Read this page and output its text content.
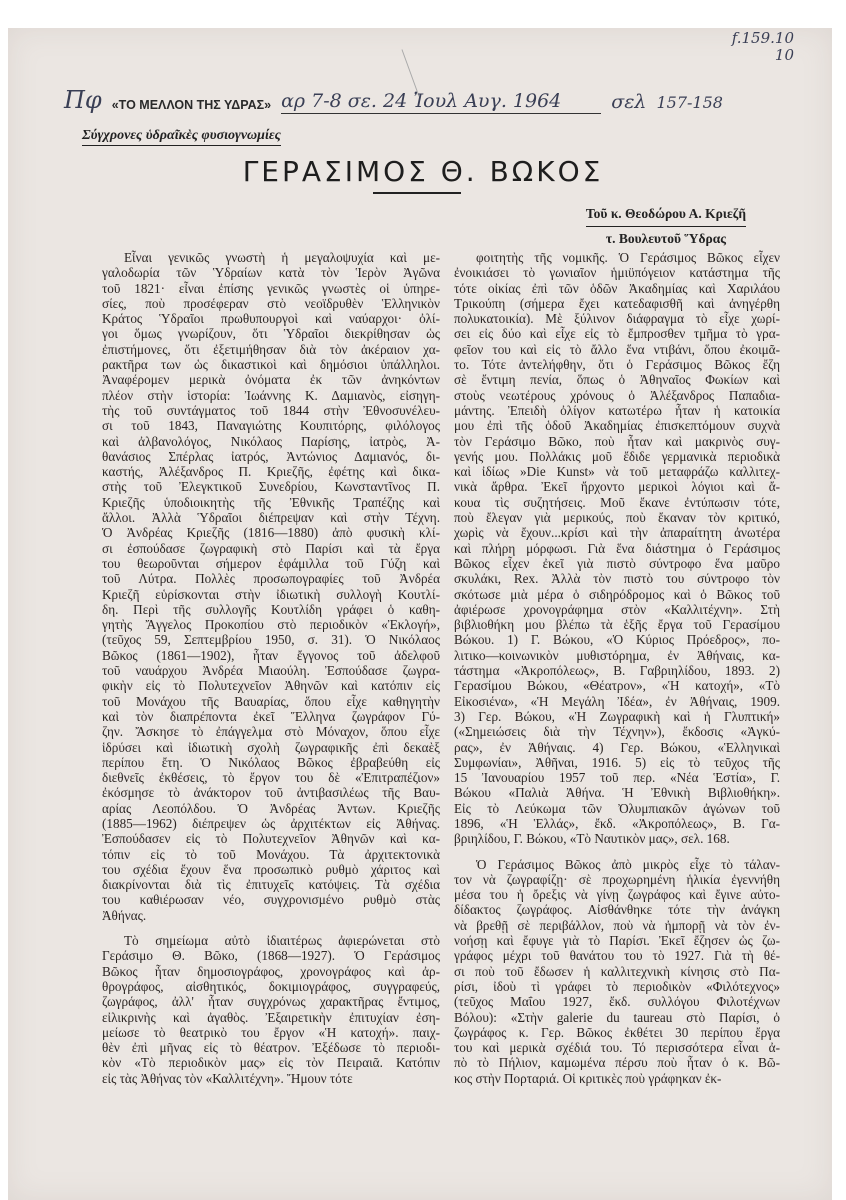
f.159.10
10
Πφ «ΤΟ ΜΕΛΛΟΝ ΤΗΣ ΥΔΡΑΣ» αρ 7-8 σε. 24 Ἰουλ Αυγ. 1964	σελ 157-158
Σύγχρονες ὑδραῖκὲς φυσιογνωμίες
ΓΕΡΑΣΙΜΟΣ Θ. ΒΩΚΟΣ
Τοῦ κ. Θεοδώρου Α. Κριεζῆ
τ. Βουλευτοῦ Ὕδρας
Εἶναι γενικῶς γνωστὴ ἡ μεγαλοψυχία καὶ με-
γαλοδωρία τῶν Ὑδραίων κατὰ τὸν Ἱερὸν Ἀγῶνα
τοῦ 1821· εἶναι ἐπίσης γενικῶς γνωστὲς οἱ ὑπηρε-
σίες, ποὺ προσέφεραν στὸ νεοϊδρυθὲν Ἑλληνικὸν
Κράτος Ὑδραῖοι πρωθυπουργοὶ καὶ ναύαρχοι· ὀλί-
γοι ὅμως γνωρίζουν, ὅτι Ὑδραῖοι διεκρίθησαν ὡς
ἐπιστήμονες, ὅτι ἐξετιμήθησαν διὰ τὸν ἀκέραιον χα-
ρακτῆρα των ὡς δικαστικοὶ καὶ δημόσιοι ὑπάλληλοι.
Ἀναφέρομεν μερικὰ ὀνόματα ἐκ τῶν ἀνηκόντων
πλέον στὴν ἱστορία: Ἰωάννης Κ. Δαμιανὸς, εἰσηγη-
τὴς τοῦ συντάγματος τοῦ 1844 στὴν Ἐθνοσυνέλευ-
σι τοῦ 1843, Παναγιώτης Κουπιτόρης, φιλόλογος
καὶ ἀλβανολόγος, Νικόλαος Παρίσης, ἰατρὸς, Ἀ-
θανάσιος Σπέρλας ἰατρός, Ἀντώνιος Δαμιανός, δι-
καστής, Ἀλέξανδρος Π. Κριεζῆς, ἐφέτης καὶ δικα-
στὴς τοῦ Ἐλεγκτικοῦ Συνεδρίου, Κωνσταντῖνος Π.
Κριεζῆς ὑποδιοικητὴς τῆς Ἐθνικῆς Τραπέζης καὶ
ἄλλοι. Ἀλλὰ Ὑδραῖοι διέπρεψαν καὶ στὴν Τέχνη.
Ὁ Ἀνδρέας Κριεζῆς (1816—1880) ἀπὸ φυσικὴ κλί-
σι ἐσπούδασε ζωγραφικὴ στὸ Παρίσι καὶ τὰ ἔργα
του θεωροῦνται σήμερον ἐφάμιλλα τοῦ Γύζη καὶ
τοῦ Λύτρα. Πολλὲς προσωπογραφίες τοῦ Ἀνδρέα
Κριεζῆ εὑρίσκονται στὴν ἰδιωτικὴ συλλογὴ Κουτλί-
δη. Περὶ τῆς συλλογῆς Κουτλίδη γράφει ὁ καθη-
γητὴς Ἄγγελος Προκοπίου στὸ περιοδικὸν «Ἐκλογή»,
(τεῦχος 59, Σεπτεμβρίου 1950, σ. 31). Ὁ Νικόλαος
Βῶκος (1861—1902), ἦταν ἔγγονος τοῦ ἀδελφοῦ
τοῦ ναυάρχου Ἀνδρέα Μιαούλη. Ἐσπούδασε ζωγρα-
φικὴν εἰς τὸ Πολυτεχνεῖον Ἀθηνῶν καὶ κατόπιν εἰς
τοῦ Μονάχου τῆς Βαυαρίας, ὅπου εἶχε καθηγητὴν
καὶ τὸν διαπρέποντα ἐκεῖ Ἕλληνα ζωγράφον Γύ-
ζην. Ἄσκησε τὸ ἐπάγγελμα στὸ Μόναχον, ὅπου εἶχε
ἱδρύσει καὶ ἰδιωτικὴ σχολὴ ζωγραφικῆς ἐπὶ δεκαὲξ
περίπου ἔτη. Ὁ Νικόλαος Βῶκος ἐβραβεύθη εἰς
διεθνεῖς ἐκθέσεις, τὸ ἔργον του δὲ «Ἐπιτραπέζιον»
ἐκόσμησε τὸ ἀνάκτορον τοῦ ἀντιβασιλέως τῆς Βαυ-
αρίας Λεοπόλδου. Ὁ Ἀνδρέας Ἀντων. Κριεζῆς
(1885—1962) διέπρεψεν ὡς ἀρχιτέκτων εἰς Ἀθήνας.
Ἐσπούδασεν εἰς τὸ Πολυτεχνεῖον Ἀθηνῶν καὶ κα-
τόπιν εἰς τὸ τοῦ Μονάχου. Τὰ ἀρχιτεκτονικὰ
του σχέδια ἔχουν ἕνα προσωπικὸ ρυθμὸ χάριτος καὶ
διακρίνονται διὰ τὶς ἐπιτυχεῖς κατόψεις. Τὰ σχέδια
του καθιέρωσαν νέο, συγχρονισμένο ρυθμὸ στὰς
Ἀθήνας.
Τὸ σημείωμα αὐτὸ ἰδιαιτέρως ἀφιερώνεται στὸ
Γεράσιμο Θ. Βῶκο, (1868—1927). Ὁ Γεράσιμος
Βῶκος ἦταν δημοσιογράφος, χρονογράφος καὶ ἀρ-
θρογράφος, αἰσθητικός, δοκιμιογράφος, συγγραφεύς,
ζωγράφος, ἀλλ' ἦταν συγχρόνως χαρακτῆρας ἔντιμος,
εἰλικρινὴς καὶ ἀγαθὸς. Ἐξαιρετικὴν ἐπιτυχίαν ἐση-
μείωσε τὸ θεατρικὸ του ἔργον «Ἡ κατοχή». παιχ-
θὲν ἐπὶ μῆνας εἰς τὸ θέατρον. Ἐξέδωσε τὸ περιοδι-
κὸν «Τὸ περιοδικὸν μας» εἰς τὸν Πειραιᾶ. Κατόπιν
εἰς τὰς Ἀθήνας τὸν «Καλλιτέχνη». Ἤμουν τότε
φοιτητὴς τῆς νομικῆς. Ὁ Γεράσιμος Βῶκος εἶχεν
ἐνοικιάσει τὸ γωνιαῖον ἡμιϋπόγειον κατάστημα τῆς
τότε οἰκίας ἐπὶ τῶν ὁδῶν Ἀκαδημίας καὶ Χαριλάου
Τρικούπη (σήμερα ἔχει κατεδαφισθῆ καὶ ἀνηγέρθη
πολυκατοικία). Μὲ ξύλινον διάφραγμα τὸ εἶχε χωρί-
σει εἰς δύο καὶ εἶχε εἰς τὸ ἔμπροσθεν τμῆμα τὸ γρα-
φεῖον του καὶ εἰς τὸ ἄλλο ἕνα ντιβάνι, ὅπου ἐκοιμᾶ-
το. Τότε ἀντελήφθην, ὅτι ὁ Γεράσιμος Βῶκος ἔζη
σὲ ἔντιμη πενία, ὅπως ὁ Ἀθηναῖος Φωκίων καὶ
στοὺς νεωτέρους χρόνους ὁ Ἀλέξανδρος Παπαδια-
μάντης. Ἐπειδὴ ὀλίγον κατωτέρω ἦταν ἡ κατοικία
μου ἐπὶ τῆς ὁδοῦ Ἀκαδημίας ἐπισκεπτόμουν συχνὰ
τὸν Γεράσιμο Βῶκο, ποὺ ἦταν καὶ μακρινὸς συγ-
γενής μου. Πολλάκις μοῦ ἔδιδε γερμανικὰ περιοδικὰ
καὶ ἰδίως »Die Kunst» νὰ τοῦ μεταφράζω καλλιτεχ-
νικὰ ἄρθρα. Ἐκεῖ ἤρχοντο μερικοὶ λόγιοι καὶ ἄ-
κουα τὶς συζητήσεις. Μοῦ ἔκανε ἐντύπωσιν τότε,
ποὺ ἔλεγαν γιὰ μερικούς, ποὺ ἔκαναν τὸν κριτικό,
χωρὶς νὰ ἔχουν...κρίσι καὶ τὴν ἀπαραίτητη ἀνωτέρα
καὶ πλήρη μόρφωσι. Γιὰ ἕνα διάστημα ὁ Γεράσιμος
Βῶκος εἶχεν ἐκεῖ γιὰ πιστὸ σύντροφο ἕνα μαῦρο
σκυλάκι, Rex. Ἀλλὰ τὸν πιστὸ του σύντροφο τὸν
σκότωσε μιὰ μέρα ὁ σιδηρόδρομος καὶ ὁ Βῶκος τοῦ
ἀφιέρωσε χρονογράφημα στὸν «Καλλιτέχνη». Στὴ
βιβλιοθήκη μου βλέπω τὰ ἑξῆς ἔργα τοῦ Γερασίμου
Βώκου. 1) Γ. Βώκου, «Ὁ Κύριος Πρόεδρος», πο-
λιτικο—κοινωνικὸν μυθιστόρημα, ἐν Ἀθήναις, κα-
τάστημα «Ἀκροπόλεως», Β. Γαβριηλίδου, 1893. 2)
Γερασίμου Βώκου, «Θέατρον», «Ἡ κατοχή», «Τὸ
Εἰκοσιένα», «Ἡ Μεγάλη Ἰδέα», ἐν Ἀθήναις, 1909.
3) Γερ. Βώκου, «Ἡ Ζωγραφικὴ καὶ ἡ Γλυπτική»
(«Σημειώσεις διὰ τὴν Τέχνην»), ἔκδοσις «Ἀγκύ-
ρας», ἐν Ἀθήναις. 4) Γερ. Βώκου, «Ἑλληνικαὶ
Συμφωνίαι», Ἀθῆναι, 1916. 5) εἰς τὸ τεῦχος τῆς
15 Ἰανουαρίου 1957 τοῦ περ. «Νέα Ἑστία», Γ.
Βώκου «Παλιὰ Ἀθήνα. Ἡ Ἐθνικὴ Βιβλιοθήκη».
Εἰς τὸ Λεύκωμα τῶν Ὀλυμπιακῶν ἀγώνων τοῦ
1896, «Ἡ Ἑλλάς», ἔκδ. «Ἀκροπόλεως», Β. Γα-
βριηλίδου, Γ. Βώκου, «Τὸ Ναυτικὸν μας», σελ. 168.
Ὁ Γεράσιμος Βῶκος ἀπὸ μικρὸς εἶχε τὸ τάλαν-
τον νὰ ζωγραφίζῃ· σὲ προχωρημένη ἡλικία ἐγεννήθη
μέσα του ἡ ὄρεξις νὰ γίνῃ ζωγράφος καὶ ἔγινε αὐτο-
δίδακτος ζωγράφος. Αἰσθάνθηκε τότε τὴν ἀνάγκη
νὰ βρεθῇ σὲ περιβάλλον, ποὺ νὰ ἠμπορῇ νὰ τὸν ἐν-
νοήσῃ καὶ ἔφυγε γιὰ τὸ Παρίσι. Ἐκεῖ ἔζησεν ὡς ζω-
γράφος μέχρι τοῦ θανάτου του τὸ 1927. Γιὰ τὴ θέ-
σι ποὺ τοῦ ἔδωσεν ἡ καλλιτεχνικὴ κίνησις στὸ Πα-
ρίσι, ἰδοὺ τὶ γράφει τὸ περιοδικὸν «Φιλότεχνος»
(τεῦχος Μαΐου 1927, ἔκδ. συλλόγου Φιλοτέχνων
Βόλου): «Στὴν galerie du taureau στὸ Παρίσι, ὁ
ζωγράφος κ. Γερ. Βῶκος ἐκθέτει 30 περίπου ἔργα
του καὶ μερικὰ σχέδιά του. Τό περισσότερα εἶναι ἀ-
πὸ τὸ Πήλιον, καμωμένα πέρσυ ποὺ ἦταν ὁ κ. Βῶ-
κος στὴν Πορταριά. Οἱ κριτικὲς ποὺ γράφηκαν ἐκ-
